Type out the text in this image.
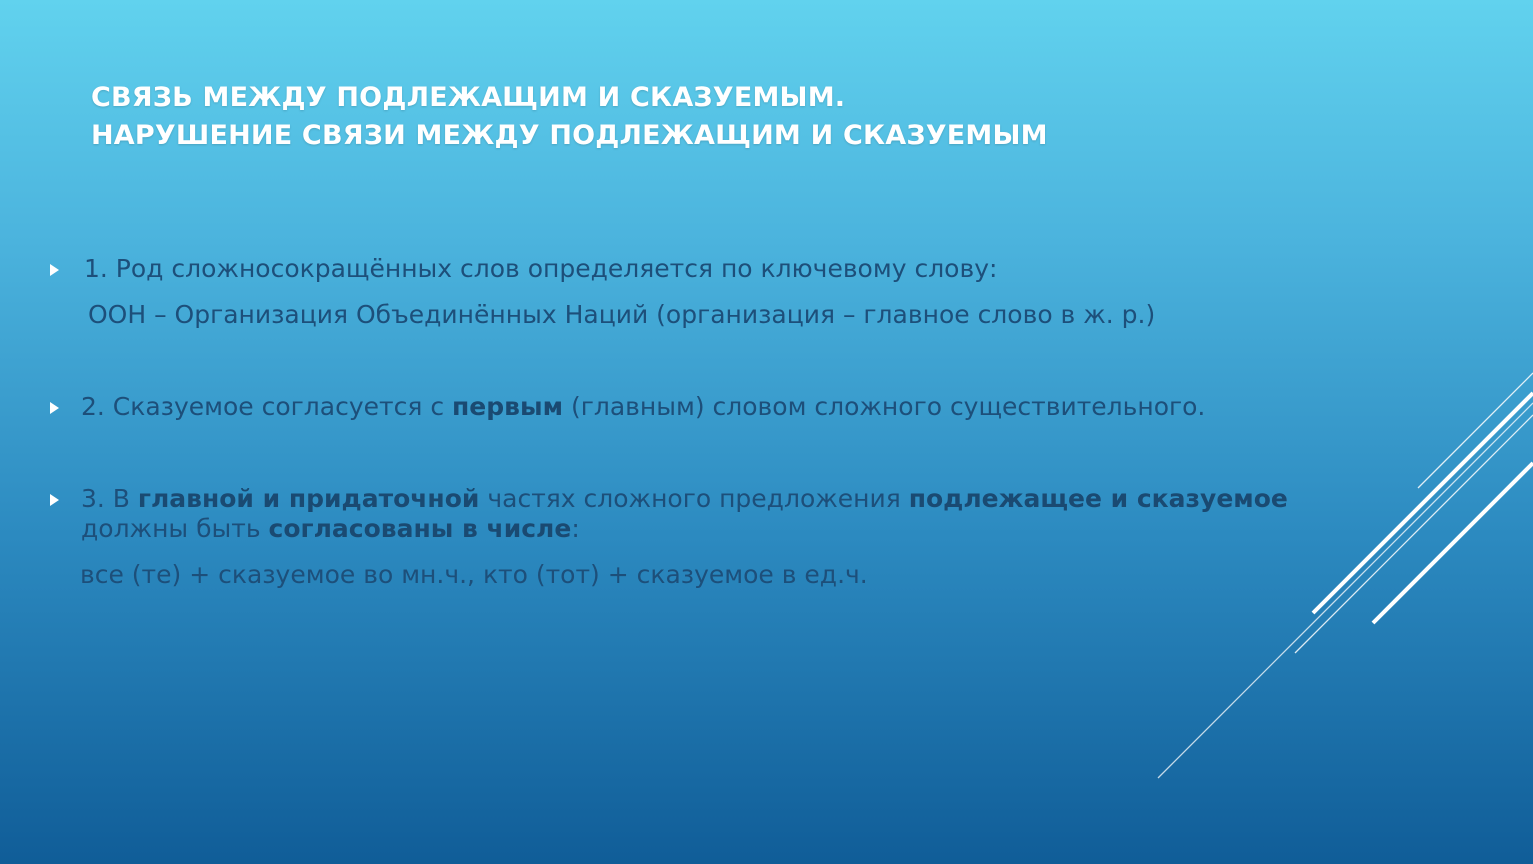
СВЯЗЬ МЕЖДУ ПОДЛЕЖАЩИМ И СКАЗУЕМЫМ.
НАРУШЕНИЕ СВЯЗИ МЕЖДУ ПОДЛЕЖАЩИМ И СКАЗУЕМЫМ
1. Род сложносокращённых слов определяется по ключевому слову:
ООН – Организация Объединённых Наций (организация – главное слово в ж. р.)
2. Сказуемое согласуется с первым (главным) словом сложного существительного.
3. В главной и придаточной частях сложного предложения подлежащее и сказуемое
должны быть согласованы в числе:
все (те) + сказуемое во мн.ч., кто (тот) + сказуемое в ед.ч.
